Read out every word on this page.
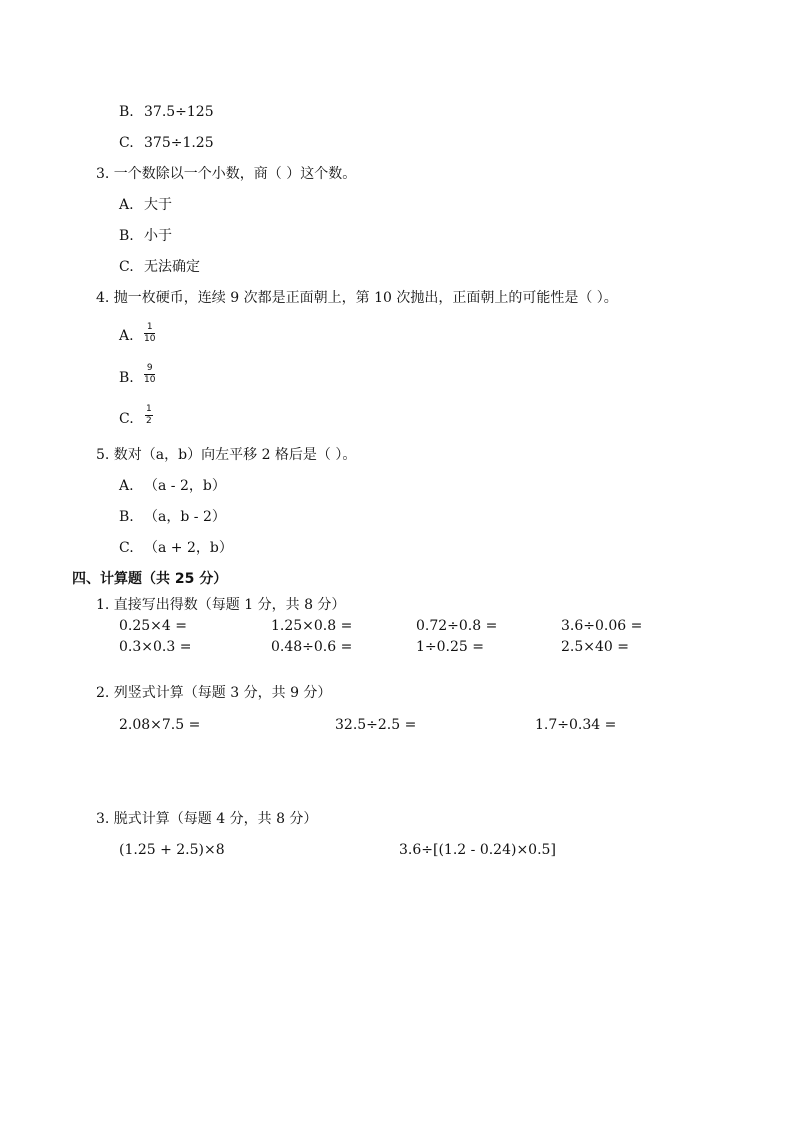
B. 37.5÷125
C. 375÷1.25
3. 一个数除以一个小数，商（ ）这个数。
A. 大于
B. 小于
C. 无法确定
4. 抛一枚硬币，连续 9 次都是正面朝上，第 10 次抛出，正面朝上的可能性是（ ）。
A.
1
10
B.
9
10
C.
1
2
5. 数对（a，b）向左平移 2 格后是（ ）。
A. （a - 2，b）
B. （a，b - 2）
C. （a + 2，b）
四、计算题（共 25 分）
1. 直接写出得数（每题 1 分，共 8 分）
0.25×4 =	1.25×0.8 =	0.72÷0.8 =	3.6÷0.06 =
0.3×0.3 =	0.48÷0.6 =	1÷0.25 =	2.5×40 =
2. 列竖式计算（每题 3 分，共 9 分）
2.08×7.5 =	32.5÷2.5 =	1.7÷0.34 =
3. 脱式计算（每题 4 分，共 8 分）
(1.25 + 2.5)×8	3.6÷[(1.2 - 0.24)×0.5]
